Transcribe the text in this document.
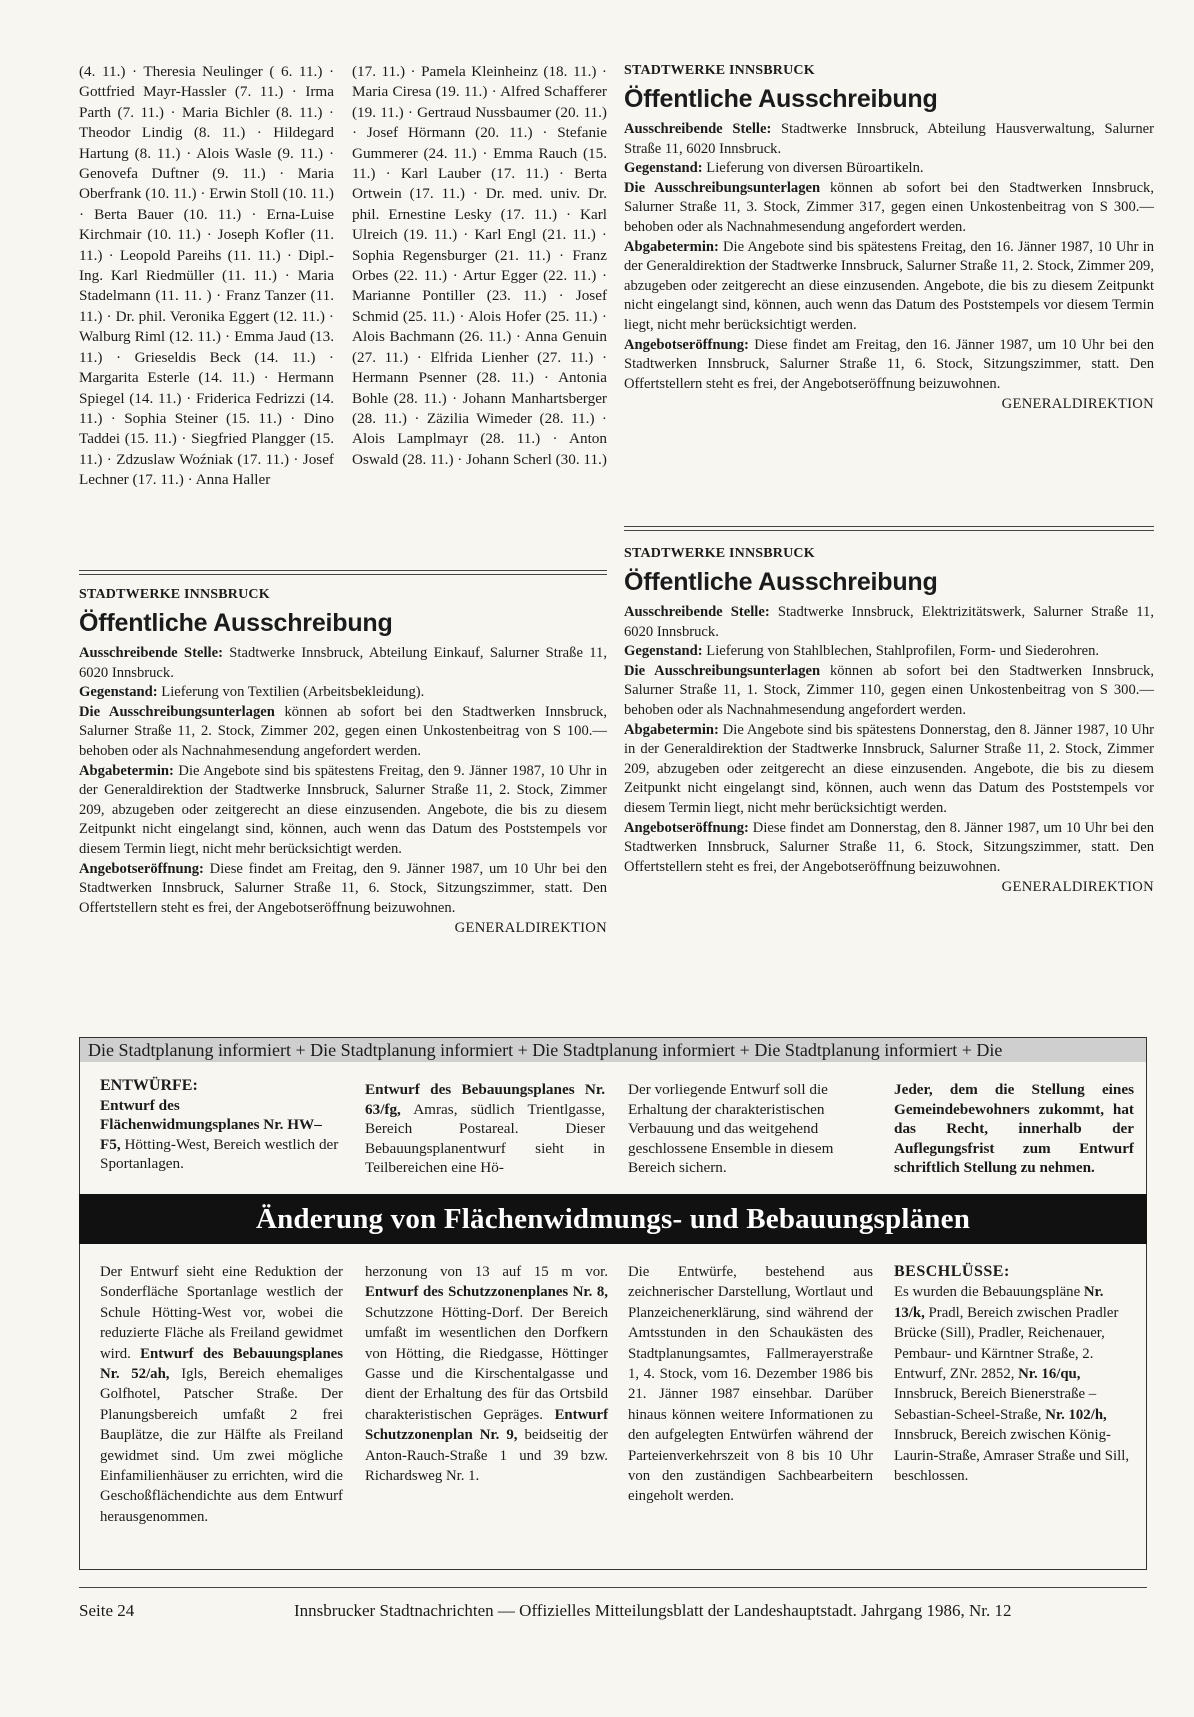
(4. 11.) · Theresia Neulinger ( 6. 11.) · Gottfried Mayr-Hassler (7. 11.) · Irma Parth (7. 11.) · Maria Bichler (8. 11.) · Theodor Lindig (8. 11.) · Hildegard Hartung (8. 11.) · Alois Wasle (9. 11.) · Genovefa Duftner (9. 11.) · Maria Oberfrank (10. 11.) · Erwin Stoll (10. 11.) · Berta Bauer (10. 11.) · Erna-Luise Kirchmair (10. 11.) · Joseph Kofler (11. 11.) · Leopold Pareihs (11. 11.) · Dipl.-Ing. Karl Riedmüller (11. 11.) · Maria Stadelmann (11. 11. ) · Franz Tanzer (11. 11.) · Dr. phil. Veronika Eggert (12. 11.) · Walburg Riml (12. 11.) · Emma Jaud (13. 11.) · Grieseldis Beck (14. 11.) · Margarita Esterle (14. 11.) · Hermann Spiegel (14. 11.) · Friderica Fedrizzi (14. 11.) · Sophia Steiner (15. 11.) · Dino Taddei (15. 11.) · Siegfried Plangger (15. 11.) · Zdzuslaw Woźniak (17. 11.) · Josef Lechner (17. 11.) · Anna Haller
(17. 11.) · Pamela Kleinheinz (18. 11.) · Maria Ciresa (19. 11.) · Alfred Schafferer (19. 11.) · Gertraud Nussbaumer (20. 11.) · Josef Hörmann (20. 11.) · Stefanie Gummerer (24. 11.) · Emma Rauch (15. 11.) · Karl Lauber (17. 11.) · Berta Ortwein (17. 11.) · Dr. med. univ. Dr. phil. Ernestine Lesky (17. 11.) · Karl Ulreich (19. 11.) · Karl Engl (21. 11.) · Sophia Regensburger (21. 11.) · Franz Orbes (22. 11.) · Artur Egger (22. 11.) · Marianne Pontiller (23. 11.) · Josef Schmid (25. 11.) · Alois Hofer (25. 11.) · Alois Bachmann (26. 11.) · Anna Genuin (27. 11.) · Elfrida Lienher (27. 11.) · Hermann Psenner (28. 11.) · Antonia Bohle (28. 11.) · Johann Manhartsberger (28. 11.) · Zäzilia Wimeder (28. 11.) · Alois Lamplmayr (28. 11.) · Anton Oswald (28. 11.) · Johann Scherl (30. 11.)
STADTWERKE INNSBRUCK
Öffentliche Ausschreibung

Ausschreibende Stelle: Stadtwerke Innsbruck, Abteilung Hausverwaltung, Salurner Straße 11, 6020 Innsbruck.

Gegenstand: Lieferung von diversen Büroartikeln.

Die Ausschreibungsunterlagen können ab sofort bei den Stadtwerken Innsbruck, Salurner Straße 11, 3. Stock, Zimmer 317, gegen einen Unkostenbeitrag von S 300.— behoben oder als Nachnahmesendung angefordert werden.

Abgabetermin: Die Angebote sind bis spätestens Freitag, den 16. Jänner 1987, 10 Uhr in der Generaldirektion der Stadtwerke Innsbruck, Salurner Straße 11, 2. Stock, Zimmer 209, abzugeben oder zeitgerecht an diese einzusenden. Angebote, die bis zu diesem Zeitpunkt nicht eingelangt sind, können, auch wenn das Datum des Poststempels vor diesem Termin liegt, nicht mehr berücksichtigt werden.

Angebotseröffnung: Diese findet am Freitag, den 16. Jänner 1987, um 10 Uhr bei den Stadtwerken Innsbruck, Salurner Straße 11, 6. Stock, Sitzungszimmer, statt. Den Offertstellern steht es frei, der Angebotseröffnung beizuwohnen.

GENERALDIREKTION
STADTWERKE INNSBRUCK
Öffentliche Ausschreibung

Ausschreibende Stelle: Stadtwerke Innsbruck, Abteilung Einkauf, Salurner Straße 11, 6020 Innsbruck.

Gegenstand: Lieferung von Textilien (Arbeitsbekleidung).

Die Ausschreibungsunterlagen können ab sofort bei den Stadtwerken Innsbruck, Salurner Straße 11, 2. Stock, Zimmer 202, gegen einen Unkostenbeitrag von S 100.— behoben oder als Nachnahmesendung angefordert werden.

Abgabetermin: Die Angebote sind bis spätestens Freitag, den 9. Jänner 1987, 10 Uhr in der Generaldirektion der Stadtwerke Innsbruck, Salurner Straße 11, 2. Stock, Zimmer 209, abzugeben oder zeitgerecht an diese einzusenden. Angebote, die bis zu diesem Zeitpunkt nicht eingelangt sind, können, auch wenn das Datum des Poststempels vor diesem Termin liegt, nicht mehr berücksichtigt werden.

Angebotseröffnung: Diese findet am Freitag, den 9. Jänner 1987, um 10 Uhr bei den Stadtwerken Innsbruck, Salurner Straße 11, 6. Stock, Sitzungszimmer, statt. Den Offertstellern steht es frei, der Angebotseröffnung beizuwohnen.

GENERALDIREKTION
STADTWERKE INNSBRUCK
Öffentliche Ausschreibung

Ausschreibende Stelle: Stadtwerke Innsbruck, Elektrizitätswerk, Salurner Straße 11, 6020 Innsbruck.

Gegenstand: Lieferung von Stahlblechen, Stahlprofilen, Form- und Siederohren.

Die Ausschreibungsunterlagen können ab sofort bei den Stadtwerken Innsbruck, Salurner Straße 11, 1. Stock, Zimmer 110, gegen einen Unkostenbeitrag von S 300.— behoben oder als Nachnahmesendung angefordert werden.

Abgabetermin: Die Angebote sind bis spätestens Donnerstag, den 8. Jänner 1987, 10 Uhr in der Generaldirektion der Stadtwerke Innsbruck, Salurner Straße 11, 2. Stock, Zimmer 209, abzugeben oder zeitgerecht an diese einzusenden. Angebote, die bis zu diesem Zeitpunkt nicht eingelangt sind, können, auch wenn das Datum des Poststempels vor diesem Termin liegt, nicht mehr berücksichtigt werden.

Angebotseröffnung: Diese findet am Donnerstag, den 8. Jänner 1987, um 10 Uhr bei den Stadtwerken Innsbruck, Salurner Straße 11, 6. Stock, Sitzungszimmer, statt. Den Offertstellern steht es frei, der Angebotseröffnung beizuwohnen.

GENERALDIREKTION
Die Stadtplanung informiert + Die Stadtplanung informiert + Die Stadtplanung informiert + Die Stadtplanung informiert + Die
ENTWÜRFE:
Entwurf des Flächenwidmungsplanes Nr. HW–F5, Hötting-West, Bereich westlich der Sportanlagen.
Entwurf des Bebauungsplanes Nr. 63/fg, Amras, südlich Trientlgasse, Bereich Postareal. Dieser Bebauungsplanentwurf sieht in Teilbereichen eine Hö-
Der vorliegende Entwurf soll die Erhaltung der charakteristischen Verbauung und das weitgehend geschlossene Ensemble in diesem Bereich sichern.
Jeder, dem die Stellung eines Gemeindebewohners zukommt, hat das Recht, innerhalb der Auflegungsfrist zum Entwurf schriftlich Stellung zu nehmen.
Änderung von Flächenwidmungs- und Bebauungsplänen
Der Entwurf sieht eine Reduktion der Sonderfläche Sportanlage westlich der Schule Hötting-West vor, wobei die reduzierte Fläche als Freiland gewidmet wird. Entwurf des Bebauungsplanes Nr. 52/ah, Igls, Bereich ehemaliges Golfhotel, Patscher Straße. Der Planungsbereich umfaßt 2 frei Bauplätze, die zur Hälfte als Freiland gewidmet sind. Um zwei mögliche Einfamilienhäuser zu errichten, wird die Geschoßflächendichte aus dem Entwurf herausgenommen.
herzonung von 13 auf 15 m vor. Entwurf des Schutzzonenplanes Nr. 8, Schutzzone Hötting-Dorf. Der Bereich umfaßt im wesentlichen den Dorfkern von Hötting, die Riedgasse, Höttinger Gasse und die Kirschentalgasse und dient der Erhaltung des für das Ortsbild charakteristischen Gepräges. Entwurf Schutzzonenplan Nr. 9, beidseitig der Anton-Rauch-Straße 1 und 39 bzw. Richardsweg Nr. 1.
Die Entwürfe, bestehend aus zeichnerischer Darstellung, Wortlaut und Planzeichenerklärung, sind während der Amtsstunden in den Schaukästen des Stadtplanungsamtes, Fallmerayerstraße 1, 4. Stock, vom 16. Dezember 1986 bis 21. Jänner 1987 einsehbar. Darüber hinaus können weitere Informationen zu den aufgelegten Entwürfen während der Parteienverkehrszeit von 8 bis 10 Uhr von den zuständigen Sachbearbeitern eingeholt werden.
BESCHLÜSSE:
Es wurden die Bebauungspläne Nr. 13/k, Pradl, Bereich zwischen Pradler Brücke (Sill), Pradler, Reichenauer, Pembaur- und Kärntner Straße, 2. Entwurf, ZNr. 2852, Nr. 16/qu, Innsbruck, Bereich Bienerstraße – Sebastian-Scheel-Straße, Nr. 102/h, Innsbruck, Bereich zwischen König-Laurin-Straße, Amraser Straße und Sill, beschlossen.
Seite 24	Innsbrucker Stadtnachrichten — Offizielles Mitteilungsblatt der Landeshauptstadt. Jahrgang 1986, Nr. 12
